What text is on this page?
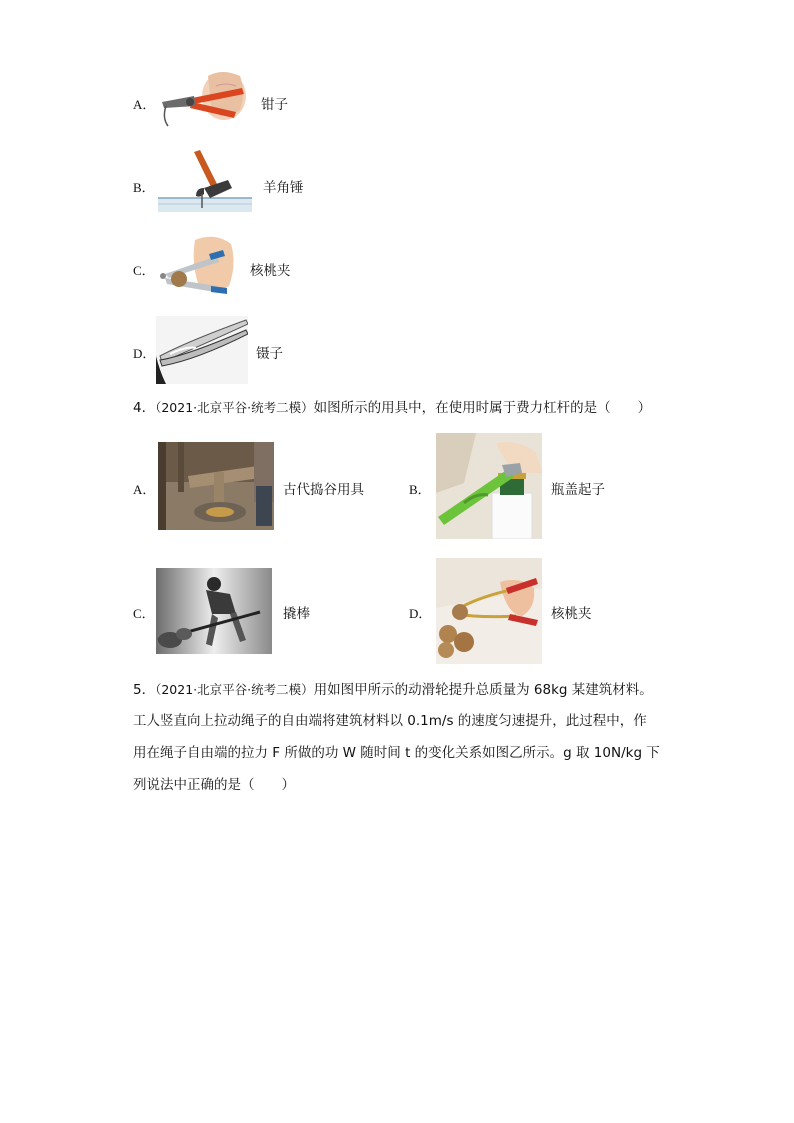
A．	钳子
B．	羊角锤
C．	核桃夹
D．	镊子
4．（2021·北京平谷·统考二模）如图所示的用具中，在使用时属于费力杠杆的是（　　）
A．	古代捣谷用具	B．	瓶盖起子
C．	撬棒	D．	核桃夹
5．（2021·北京平谷·统考二模）用如图甲所示的动滑轮提升总质量为 68kg 某建筑材料。
工人竖直向上拉动绳子的自由端将建筑材料以 0.1m/s 的速度匀速提升，此过程中，作
用在绳子自由端的拉力 F 所做的功 W 随时间 t 的变化关系如图乙所示。g 取 10N/kg 下
列说法中正确的是（　　）
